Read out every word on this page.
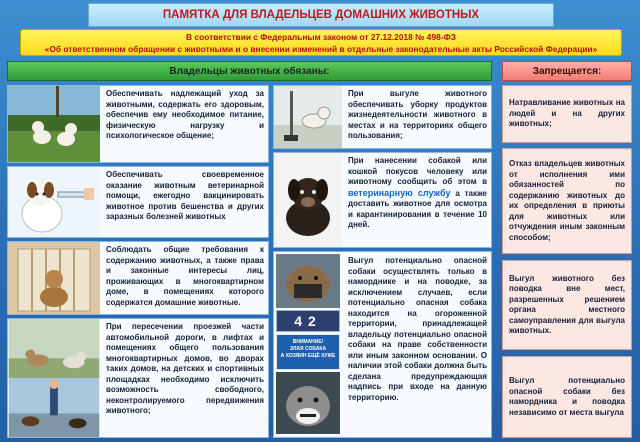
ПАМЯТКА ДЛЯ ВЛАДЕЛЬЦЕВ ДОМАШНИХ ЖИВОТНЫХ
В соответствии с Федеральным законом от 27.12.2018 № 498-ФЗ
«Об ответственном обращении с животными и о внесении изменений в отдельные законодательные акты Российской Федерации»
Владельцы животных обязаны:	Запрещается:
Обеспечивать надлежащий уход за животными, содержать его здоровым, обеспечив ему необходимое питание, физическую нагрузку и психологическое общение;
Обеспечивать своевременное оказание животным ветеринарной помощи, ежегодно вакцинировать животное против бешенства и других заразных болезней животных
Соблюдать общие требования к содержанию животных, а также права и законные интересы лиц, проживающих в многоквартирном доме, в помещениях которого содержатся домашние животные.
При пересечении проезжей части автомобильной дороги, в лифтах и помещениях общего пользования многоквартирных домов, во дворах таких домов, на детских и спортивных площадках необходимо исключить возможность свободного, неконтролируемого передвижения животного;
При выгуле животного обеспечивать уборку продуктов жизнедеятельности животного в местах и на территориях общего пользования;
При нанесении собакой или кошкой покусов человеку или животному сообщить об этом в ветеринарную службу а также доставить животное для осмотра и карантинирования в течение 10 дней.
42
ВНИМАНИЕ!
ЗЛАЯ СОБАКА
А ХОЗЯИН ЕЩЁ ХУЖЕ
Выгул потенциально опасной собаки осуществлять только в наморднике и на поводке, за исключением случаев, если потенциально опасная собака находится на огороженной территории, принадлежащей владельцу потенциально опасной собаки на праве собственности или иным законном основании. О наличии этой собаки должна быть сделана предупреждающая надпись при входе на данную территорию.
Натравливание животных на людей и на других животных;
Отказ владельцев животных от исполнения ими обязанностей по содержанию животных до их определения в приюты для животных или отчуждения иным законным способом;
Выгул животного без поводка вне мест, разрешенных решением органа местного самоуправления для выгула животных.
Выгул потенциально опасной собаки без намордника и поводка независимо от места выгула
